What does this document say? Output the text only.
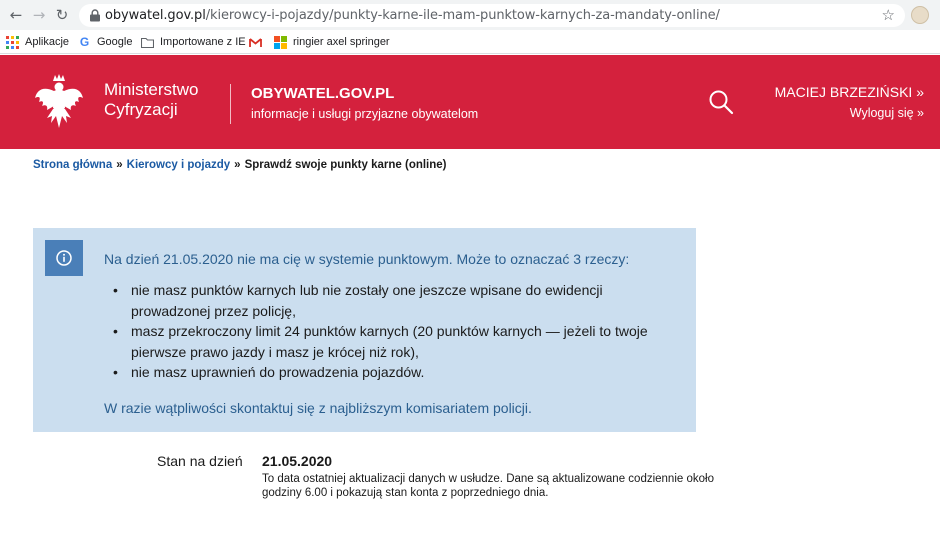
← → ↻	obywatel.gov.pl/kierowcy-i-pojazdy/punkty-karne-ile-mam-punktow-karnych-za-mandaty-online/	☆
Aplikacje G Google	Importowane z IE	ringier axel springer
Ministerstwo
Cyfryzacji
OBYWATEL.GOV.PL
informacje i usługi przyjazne obywatelom
MACIEJ BRZEZIŃSKI »
Wyloguj się »
Strona główna » Kierowcy i pojazdy » Sprawdź swoje punkty karne (online)
Na dzień 21.05.2020 nie ma cię w systemie punktowym. Może to oznaczać 3 rzeczy:
• nie masz punktów karnych lub nie zostały one jeszcze wpisane do ewidencji prowadzonej przez policję,
• masz przekroczony limit 24 punktów karnych (20 punktów karnych — jeżeli to twoje pierwsze prawo jazdy i masz je krócej niż rok),
• nie masz uprawnień do prowadzenia pojazdów.
W razie wątpliwości skontaktuj się z najbliższym komisariatem policji.
Stan na dzień 21.05.2020
To data ostatniej aktualizacji danych w usłudze. Dane są aktualizowane codziennie około godziny 6.00 i pokazują stan konta z poprzedniego dnia.
